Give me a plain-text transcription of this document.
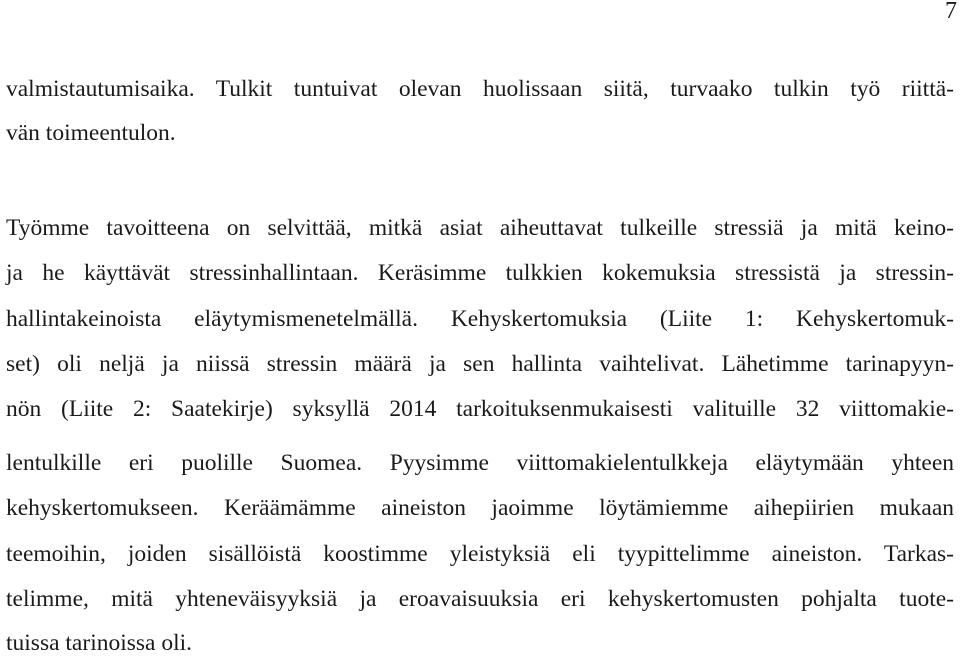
7
valmistautumisaika. Tulkit tuntuivat olevan huolissaan siitä, turvaako tulkin työ riittä-
vän toimeentulon.
Työmme tavoitteena on selvittää, mitkä asiat aiheuttavat tulkeille stressiä ja mitä keino-
ja he käyttävät stressinhallintaan. Keräsimme tulkkien kokemuksia stressistä ja stressin-
hallintakeinoista eläytymismenetelmällä. Kehyskertomuksia (Liite 1: Kehyskertomuk-
set) oli neljä ja niissä stressin määrä ja sen hallinta vaihtelivat. Lähetimme tarinapyyn-
nön (Liite 2: Saatekirje) syksyllä 2014 tarkoituksenmukaisesti valituille 32 viittomakie-
lentulkille eri puolille Suomea. Pyysimme viittomakielentulkkeja eläytymään yhteen
kehyskertomukseen. Keräämämme aineiston jaoimme löytämiemme aihepiirien mukaan
teemoihin, joiden sisällöistä koostimme yleistyksiä eli tyypittelimme aineiston. Tarkas-
telimme, mitä yhteneväisyyksiä ja eroavaisuuksia eri kehyskertomusten pohjalta tuote-
tuissa tarinoissa oli.
